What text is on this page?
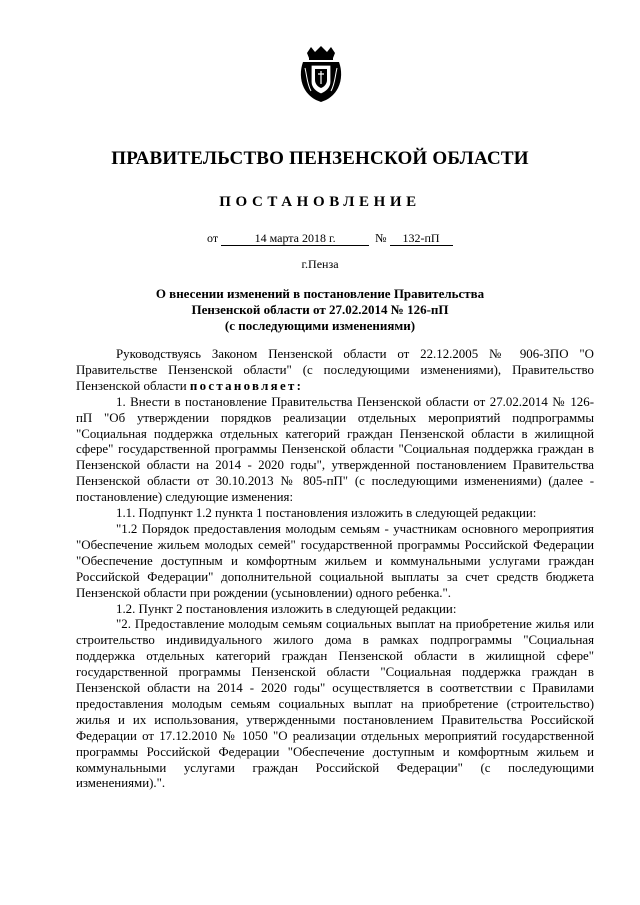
ПРАВИТЕЛЬСТВО ПЕНЗЕНСКОЙ ОБЛАСТИ
ПОСТАНОВЛЕНИЕ
от	14 марта 2018 г.	№ 132-пП
г.Пенза
О внесении изменений в постановление Правительства
Пензенской области от 27.02.2014 № 126-пП
(с последующими изменениями)

Руководствуясь Законом Пензенской области от 22.12.2005 № 906-ЗПО "О Правительстве Пензенской области" (с последующими изменениями), Правительство Пензенской области постановляет:

1. Внести в постановление Правительства Пензенской области от 27.02.2014 № 126-пП "Об утверждении порядков реализации отдельных мероприятий подпрограммы "Социальная поддержка отдельных категорий граждан Пензенской области в жилищной сфере" государственной программы Пензенской области "Социальная поддержка граждан в Пензенской области на 2014 - 2020 годы", утвержденной постановлением Правительства Пензенской области от 30.10.2013 № 805-пП" (с последующими изменениями) (далее - постановление) следующие изменения:

1.1. Подпункт 1.2 пункта 1 постановления изложить в следующей редакции:

"1.2 Порядок предоставления молодым семьям - участникам основного мероприятия "Обеспечение жильем молодых семей" государственной программы Российской Федерации "Обеспечение доступным и комфортным жильем и коммунальными услугами граждан Российской Федерации" дополнительной социальной выплаты за счет средств бюджета Пензенской области при рождении (усыновлении) одного ребенка.".

1.2. Пункт 2 постановления изложить в следующей редакции:

"2. Предоставление молодым семьям социальных выплат на приобретение жилья или строительство индивидуального жилого дома в рамках подпрограммы "Социальная поддержка отдельных категорий граждан Пензенской области в жилищной сфере" государственной программы Пензенской области "Социальная поддержка граждан в Пензенской области на 2014 - 2020 годы" осуществляется в соответствии с Правилами предоставления молодым семьям социальных выплат на приобретение (строительство) жилья и их использования, утвержденными постановлением Правительства Российской Федерации от 17.12.2010 № 1050 "О реализации отдельных мероприятий государственной программы Российской Федерации "Обеспечение доступным и комфортным жильем и коммунальными услугами граждан Российской Федерации" (с последующими изменениями).".
